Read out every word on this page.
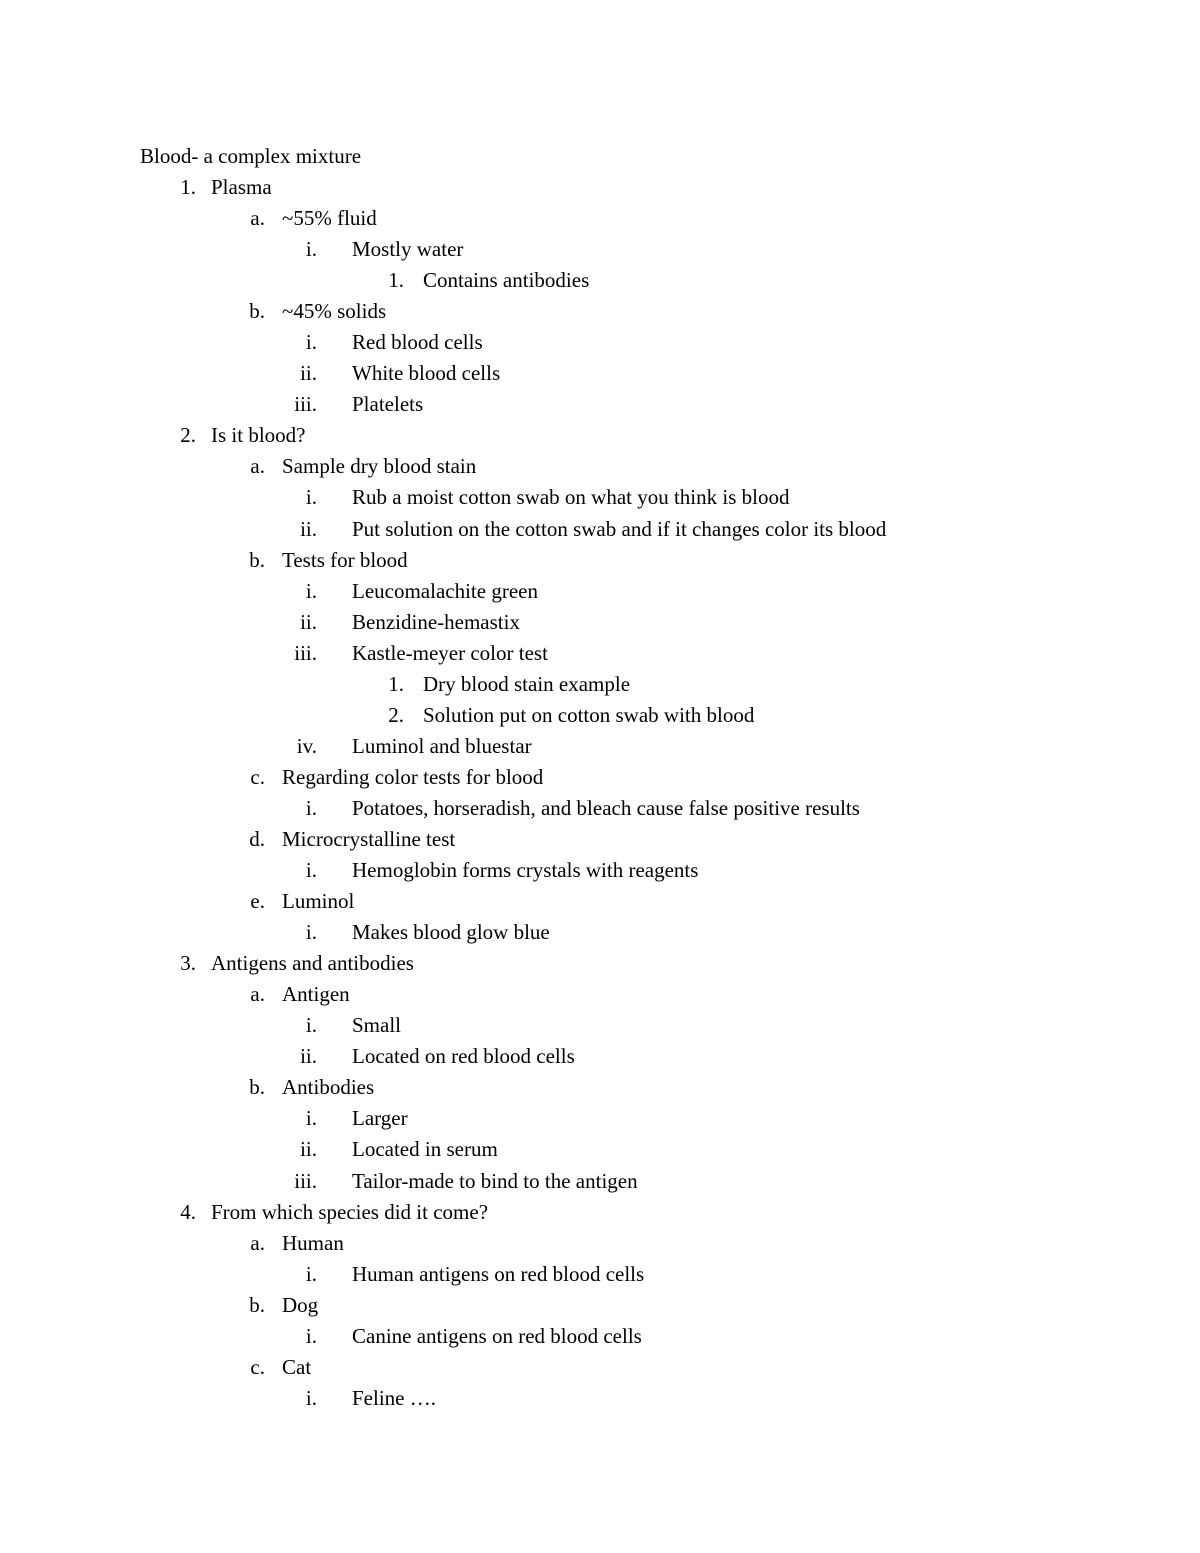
Blood- a complex mixture
1. Plasma
a. ~55% fluid
i. Mostly water
1. Contains antibodies
b. ~45% solids
i. Red blood cells
ii. White blood cells
iii. Platelets
2. Is it blood?
a. Sample dry blood stain
i. Rub a moist cotton swab on what you think is blood
ii. Put solution on the cotton swab and if it changes color its blood
b. Tests for blood
i. Leucomalachite green
ii. Benzidine-hemastix
iii. Kastle-meyer color test
1. Dry blood stain example
2. Solution put on cotton swab with blood
iv. Luminol and bluestar
c. Regarding color tests for blood
i. Potatoes, horseradish, and bleach cause false positive results
d. Microcrystalline test
i. Hemoglobin forms crystals with reagents
e. Luminol
i. Makes blood glow blue
3. Antigens and antibodies
a. Antigen
i. Small
ii. Located on red blood cells
b. Antibodies
i. Larger
ii. Located in serum
iii. Tailor-made to bind to the antigen
4. From which species did it come?
a. Human
i. Human antigens on red blood cells
b. Dog
i. Canine antigens on red blood cells
c. Cat
i. Feline ….
